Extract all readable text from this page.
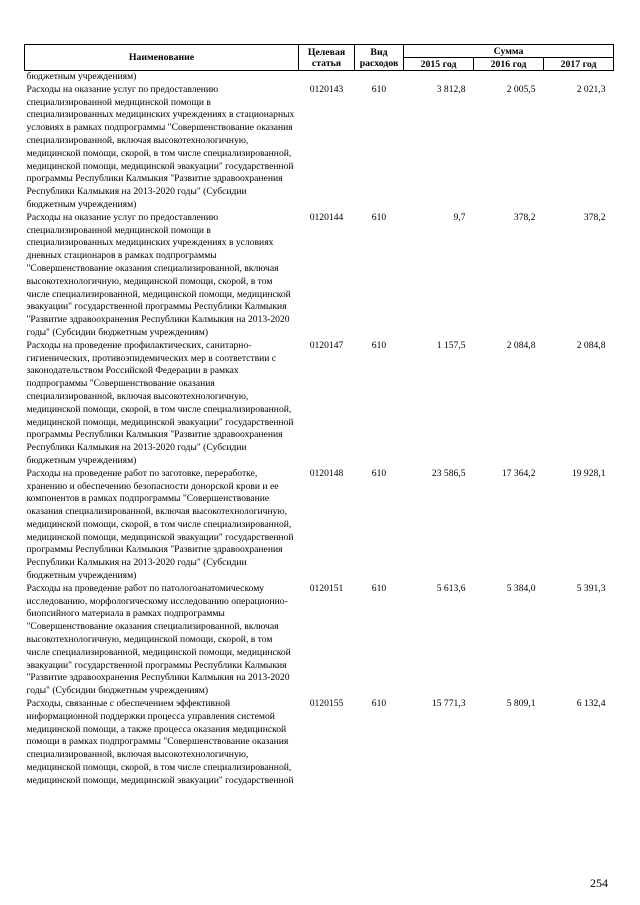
Наименование	Целевая статья	Вид расходов	Сумма		
			2015 год	2016 год	2017 год
бюджетным учреждениям)					
Расходы на оказание услуг по предоставлению специализированной медицинской помощи в специализированных медицинских учреждениях в стационарных условиях в рамках подпрограммы "Совершенствование оказания специализированной, включая высокотехнологичную, медицинской помощи, скорой, в том числе специализированной, медицинской помощи, медицинской эвакуации" государственной программы Республики Калмыкия "Развитие здравоохранения Республики Калмыкия на 2013-2020 годы" (Субсидии бюджетным учреждениям)	0120143	610	3 812,8	2 005,5	2 021,3
Расходы на оказание услуг по предоставлению специализированной медицинской помощи в специализированных медицинских учреждениях в условиях дневных стационаров в рамках подпрограммы "Совершенствование оказания специализированной, включая высокотехнологичную, медицинской помощи, скорой, в том числе специализированной, медицинской помощи, медицинской эвакуации" государственной программы Республики Калмыкия "Развитие здравоохранения Республики Калмыкия на 2013-2020 годы" (Субсидии бюджетным учреждениям)	0120144	610	9,7	378,2	378,2
Расходы на проведение профилактических, санитарно-гигиенических, противоэпидемических мер в соответствии с законодательством Российской Федерации в рамках подпрограммы "Совершенствование оказания специализированной, включая высокотехнологичную, медицинской помощи, скорой, в том числе специализированной, медицинской помощи, медицинской эвакуации" государственной программы Республики Калмыкия "Развитие здравоохранения Республики Калмыкия на 2013-2020 годы" (Субсидии бюджетным учреждениям)	0120147	610	1 157,5	2 084,8	2 084,8
Расходы на проведение работ по заготовке, переработке, хранению и обеспечению безопасности донорской крови и ее компонентов в рамках подпрограммы "Совершенствование оказания специализированной, включая высокотехнологичную, медицинской помощи, скорой, в том числе специализированной, медицинской помощи, медицинской эвакуации" государственной программы Республики Калмыкия "Развитие здравоохранения Республики Калмыкия на 2013-2020 годы" (Субсидии бюджетным учреждениям)	0120148	610	23 586,5	17 364,2	19 928,1
Расходы на проведение работ по патологоанатомическому исследованию, морфологическому исследованию операционно-биопсийного материала в рамках подпрограммы "Совершенствование оказания специализированной, включая высокотехнологичную, медицинской помощи, скорой, в том числе специализированной, медицинской помощи, медицинской эвакуации" государственной программы Республики Калмыкия "Развитие здравоохранения Республики Калмыкия на 2013-2020 годы" (Субсидии бюджетным учреждениям)	0120151	610	5 613,6	5 384,0	5 391,3
Расходы, связанные с обеспечением эффективной информационной поддержки процесса управления системой медицинской помощи, а также процесса оказания медицинской помощи в рамках подпрограммы "Совершенствование оказания специализированной, включая высокотехнологичную, медицинской помощи, скорой, в том числе специализированной, медицинской помощи, медицинской эвакуации" государственной	0120155	610	15 771,3	5 809,1	6 132,4
254
